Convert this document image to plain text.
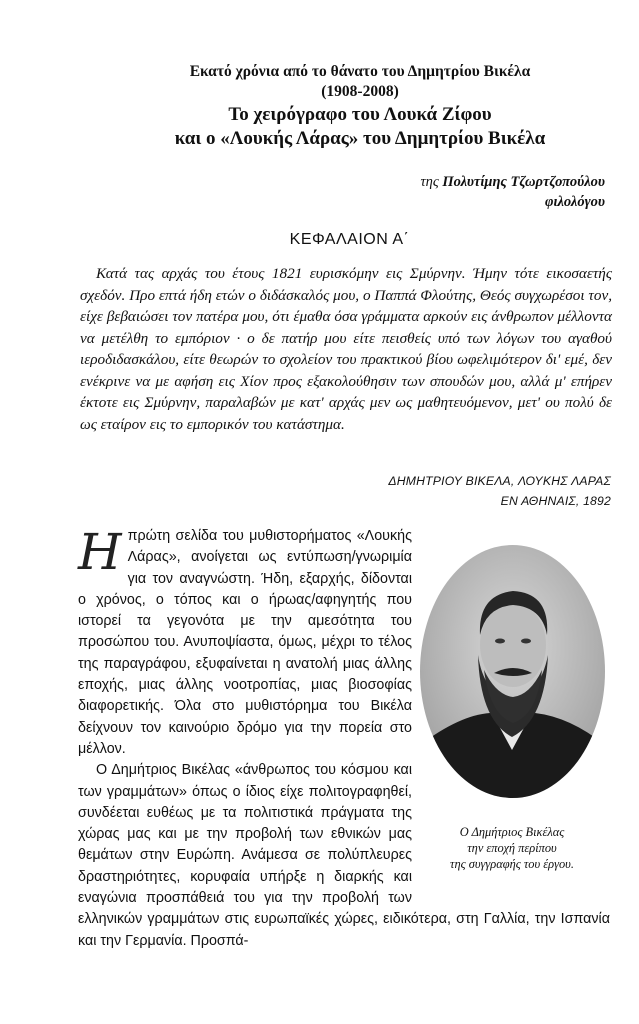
Εκατό χρόνια από το θάνατο του Δημητρίου Βικέλα
(1908-2008)
Το χειρόγραφο του Λουκά Ζίφου
και ο «Λουκής Λάρας» του Δημητρίου Βικέλα
της Πολυτίμης Τζωρτζοπούλου
φιλολόγου
ΚΕΦΑΛΑΙΟΝ Α΄
Κατά τας αρχάς του έτους 1821 ευρισκόμην εις Σμύρνην. Ήμην τότε εικοσαετής σχεδόν. Προ επτά ήδη ετών ο διδάσκαλός μου, ο Παππά Φλούτης, Θεός συγχωρέσοι τον, είχε βεβαιώσει τον πατέρα μου, ότι έμαθα όσα γράμματα αρκούν εις άνθρωπον μέλλοντα να μετέλθη το εμπόριον · ο δε πατήρ μου είτε πεισθείς υπό των λόγων του αγαθού ιεροδιδασκάλου, είτε θεωρών το σχολείον του πρακτικού βίου ωφελιμότερον δι' εμέ, δεν ενέκρινε να με αφήση εις Χίον προς εξακολούθησιν των σπουδών μου, αλλά μ' επήρεν έκτοτε εις Σμύρνην, παραλαβών με κατ' αρχάς μεν ως μαθητευόμενον, μετ' ου πολύ δε ως εταίρον εις το εμπορικόν του κατάστημα.
ΔΗΜΗΤΡΙΟΥ ΒΙΚΕΛΑ, ΛΟΥΚΗΣ ΛΑΡΑΣ
ΕΝ ΑΘΗΝΑΙΣ, 1892

Η πρώτη σελίδα του μυθιστορήματος «Λουκής Λάρας», ανοίγεται ως εντύπωση/γνωριμία για τον αναγνώστη. Ήδη, εξαρχής, δίδονται ο χρόνος, ο τόπος και ο ήρωας/αφηγητής που ιστορεί τα γεγονότα με την αμεσότητα του προσώπου του. Ανυποψίαστα, όμως, μέχρι το τέλος της παραγράφου, εξυφαίνεται η ανατολή μιας άλλης εποχής, μιας άλλης νοοτροπίας, μιας βιοσοφίας διαφορετικής. Όλα στο μυθιστόρημα του Βικέλα δείχνουν τον καινούριο δρόμο για την πορεία στο μέλλον.

Ο Δημήτριος Βικέλας «άνθρωπος του κόσμου και των γραμμάτων» όπως ο ίδιος είχε πολιτογραφηθεί, συνδέεται ευθέως με τα πολιτιστικά πράγματα της χώρας μας και με την προβολή των εθνικών μας θεμάτων στην Ευρώπη. Ανάμεσα σε πολύπλευρες δραστηριότητες, κορυφαία υπήρξε η διαρκής και εναγώνια προσπάθειά του για την προβολή των ελληνικών γραμμάτων στις ευρωπαϊκές χώρες, ειδικότερα, στη Γαλλία, την Ισπανία και την Γερμανία. Προσπά-

Ο Δημήτριος Βικέλας
την εποχή περίπου
της συγγραφής του έργου.
